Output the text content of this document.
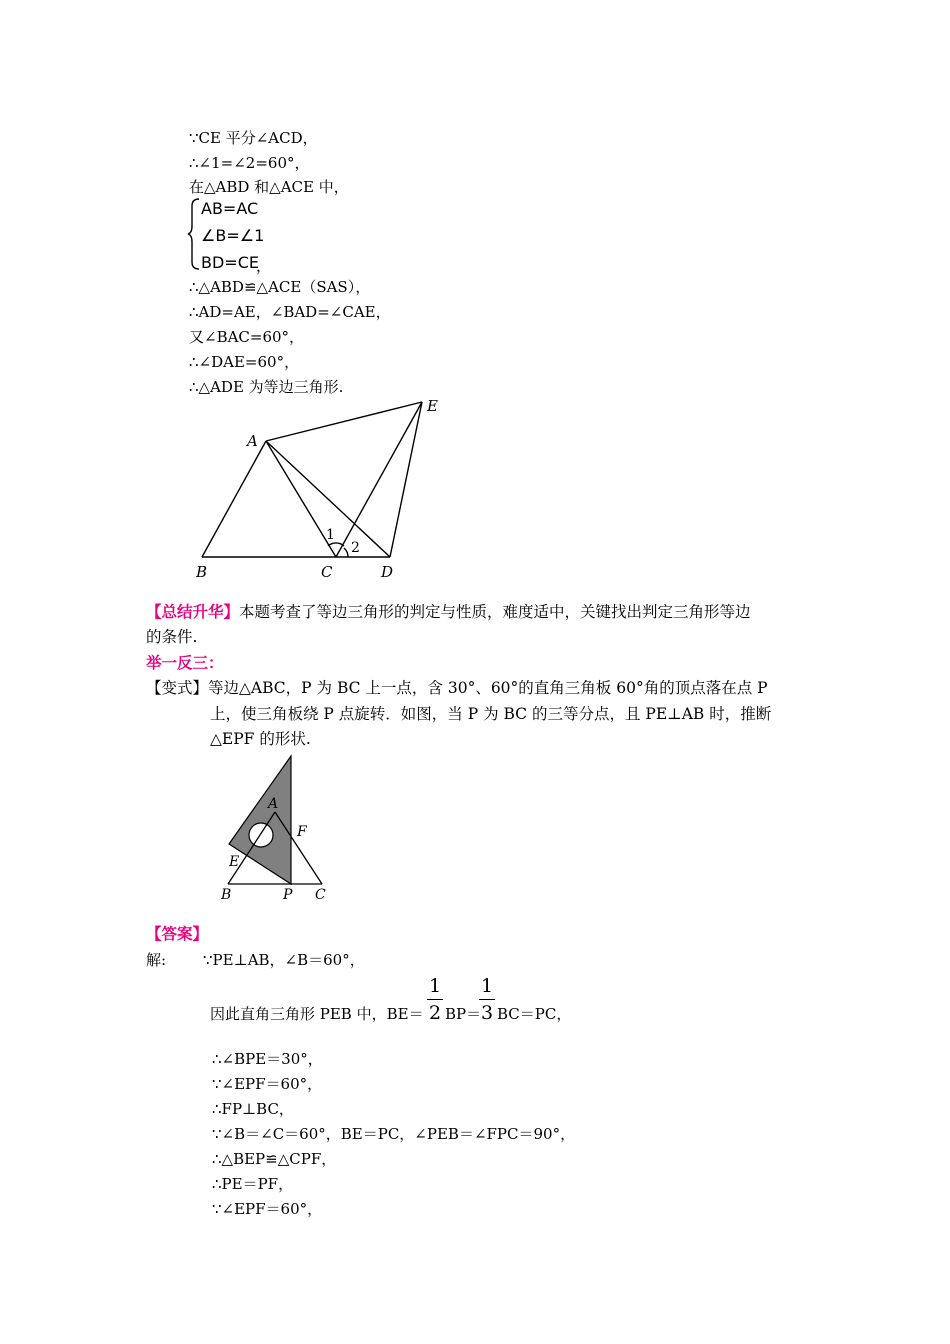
∵CE 平分∠ACD，
∴∠1=∠2=60°，
在△ABD 和△ACE 中，
AB=AC
∠B=∠1
BD=CE
，
∴△ABD≌△ACE（SAS），
∴AD=AE，∠BAD=∠CAE，
又∠BAC=60°，
∴∠DAE=60°，
∴△ADE 为等边三角形.
A
B	C	D
E
1
2
【总结升华】本题考查了等边三角形的判定与性质，难度适中，关键找出判定三角形等边
的条件.
举一反三：
【变式】等边△ABC，P 为 BC 上一点，含 30°、60°的直角三角板 60°角的顶点落在点 P
上，使三角板绕 P 点旋转．如图，当 P 为 BC 的三等分点，且 PE⊥AB 时，推断
△EPF 的形状.
A
B	C
P
E
F
【答案】
解: ∵PE⊥AB，∠B＝60°，
因此直角三角形 PEB 中，$BE= \frac{1}{2} BP=$
$\frac{1}{3} BC=PC$，
∴∠BPE＝30°，
∵∠EPF＝60°，
∴FP⊥BC，
∵∠B＝∠C＝60°，BE＝PC，∠PEB＝∠FPC＝90°，
∴△BEP≌△CPF，
∴PE＝PF，
∵∠EPF＝60°，
